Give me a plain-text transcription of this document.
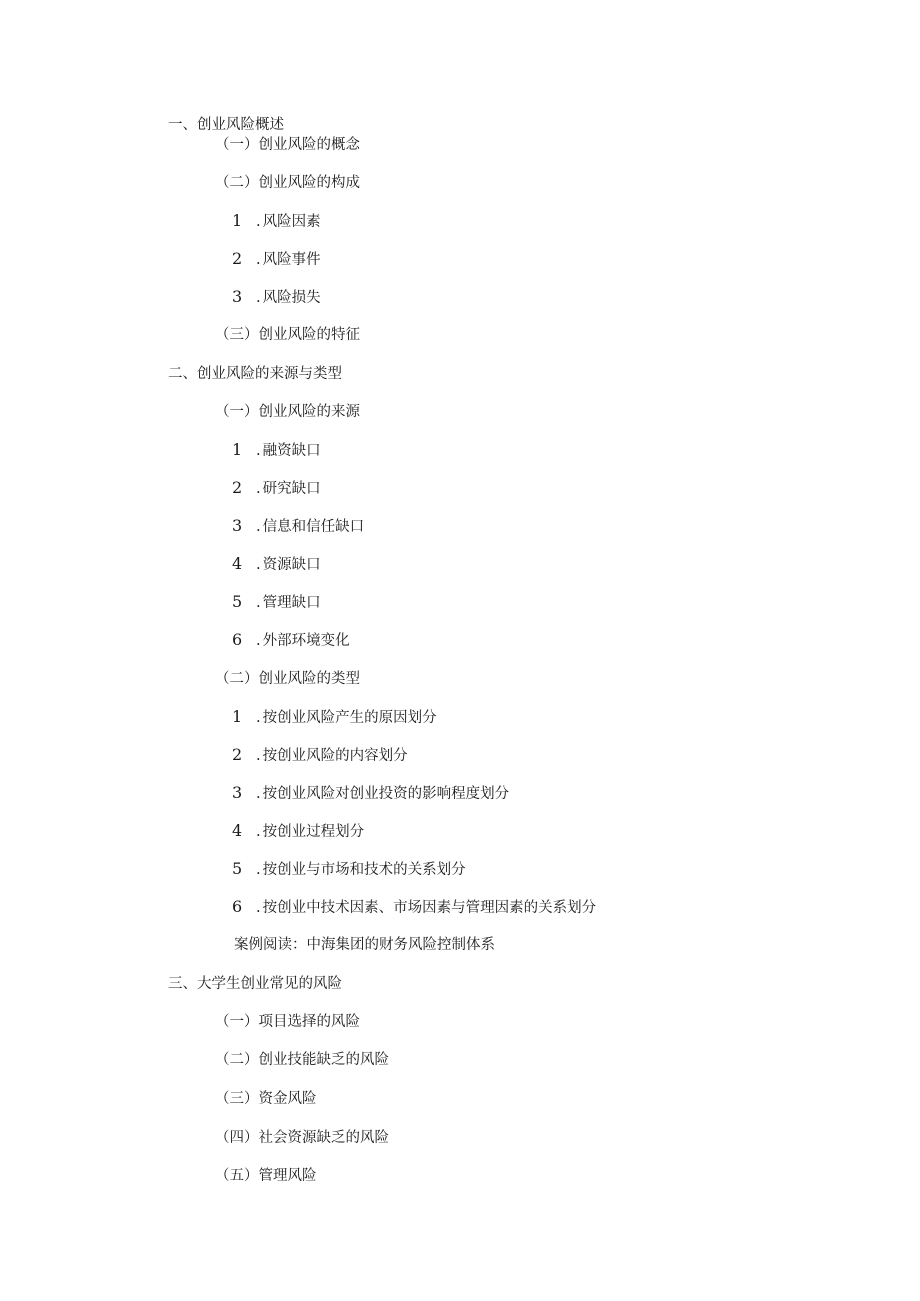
一、创业风险概述
（一）创业风险的概念
（二）创业风险的构成
1 . 风险因素
2 . 风险事件
3 . 风险损失
（三）创业风险的特征
二、创业风险的来源与类型
（一）创业风险的来源
1 . 融资缺口
2 . 研究缺口
3 . 信息和信任缺口
4 . 资源缺口
5 . 管理缺口
6 . 外部环境变化
（二）创业风险的类型
1 . 按创业风险产生的原因划分
2 . 按创业风险的内容划分
3 . 按创业风险对创业投资的影响程度划分
4 . 按创业过程划分
5 . 按创业与市场和技术的关系划分
6 . 按创业中技术因素、市场因素与管理因素的关系划分
案例阅读：中海集团的财务风险控制体系
三、大学生创业常见的风险
（一）项目选择的风险
（二）创业技能缺乏的风险
（三）资金风险
（四）社会资源缺乏的风险
（五）管理风险
